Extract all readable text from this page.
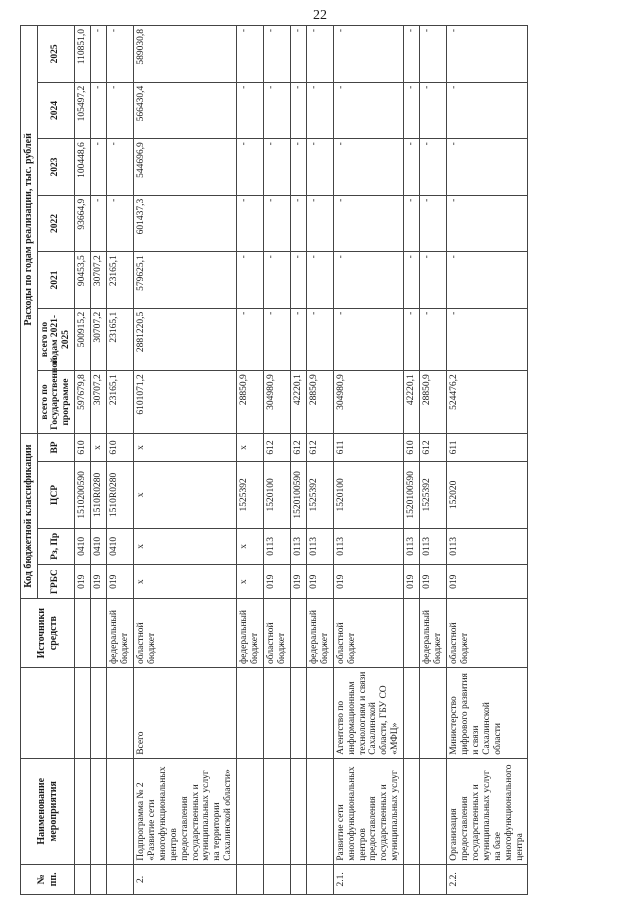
22
№ пп.	Наименование мероприятия		Источники средств	Код бюджетной классификации				Расходы по годам реализации, тыс. рублей						
				ГРБС	Рз, Пр	ЦСР	ВР	всего по Государственной программе	всего по годам 2021-2025	2021	2022	2023	2024	2025
				019	0410	1510200590	610	597679,8	500915,2	90453,5	93664,9	100448,6	105497,2	110851,0
				019	0410	1510R0280	x	30707,2	30707,2	30707,2	-	-	-	-
			федеральный бюджет	019	0410	1510R0280	610	23165,1	23165,1	23165,1	-	-	-	-
2.	Подпрограмма № 2 «Развитие сети многофункциональных центров предоставления государственных и муниципальных услуг на территории Сахалинской области»	Всего	областной бюджет	x	x	x	x	6101071,2	2881220,5	579625,1	601437,3	544696,9	566430,4	589030,8
			федеральный бюджет	x	x	1525392	x	28850,9	-	-	-	-	-	-
			областной бюджет	019	0113	1520100	612	304980,9	-	-	-	-	-	-
				019	0113	1520100590	612	42220,1	-	-	-	-	-	-
			федеральный бюджет	019	0113	1525392	612	28850,9	-	-	-	-	-	-
2.1.	Развитие сети многофункциональных центров предоставления государственных и муниципальных услуг	Агентство по информационным технологиям и связи Сахалинской области, ГБУ СО «МФЦ»	областной бюджет	019	0113	1520100	611	304980,9	-	-	-	-	-	-
				019	0113	1520100590	610	42220,1	-	-	-	-	-	-
			федеральный бюджет	019	0113	1525392	612	28850,9	-	-	-	-	-	-
2.2.	Организация предоставления государственных и муниципальных услуг на базе многофункционального центра	Министерство цифрового развития и связи Сахалинской области	областной бюджет	019	0113	152020	611	524476,2	-	-	-	-	-	-
